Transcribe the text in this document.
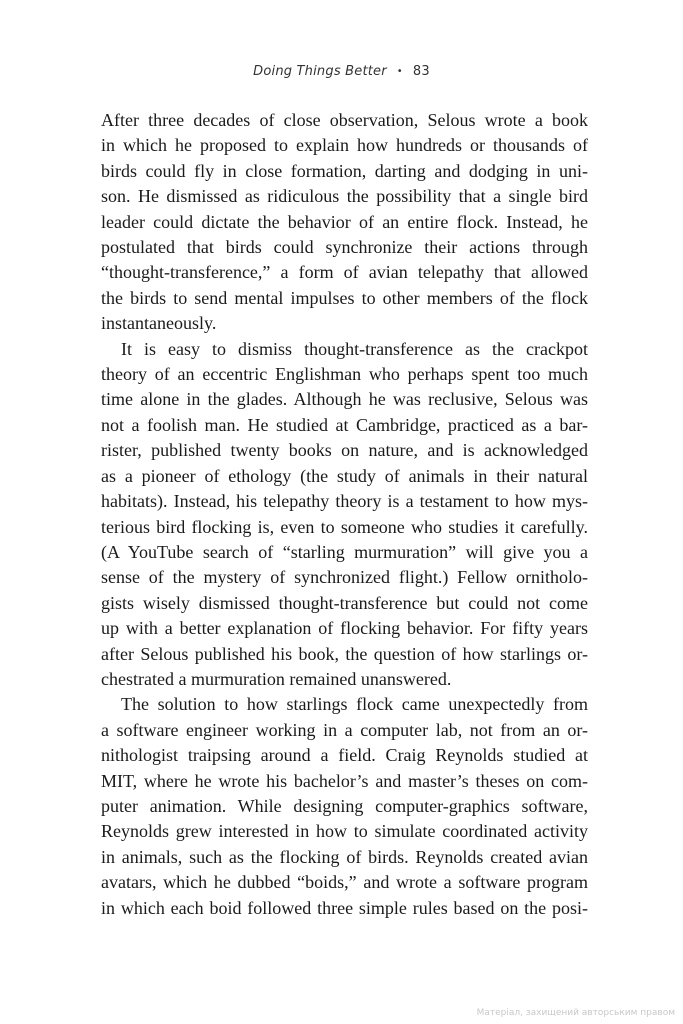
Doing Things Better • 83

After three decades of close observation, Selous wrote a book
in which he proposed to explain how hundreds or thousands of
birds could fly in close formation, darting and dodging in uni-
son. He dismissed as ridiculous the possibility that a single bird
leader could dictate the behavior of an entire flock. Instead, he
postulated that birds could synchronize their actions through
“thought-transference,” a form of avian telepathy that allowed
the birds to send mental impulses to other members of the flock
instantaneously.

It is easy to dismiss thought-transference as the crackpot
theory of an eccentric Englishman who perhaps spent too much
time alone in the glades. Although he was reclusive, Selous was
not a foolish man. He studied at Cambridge, practiced as a bar-
rister, published twenty books on nature, and is acknowledged
as a pioneer of ethology (the study of animals in their natural
habitats). Instead, his telepathy theory is a testament to how mys-
terious bird flocking is, even to someone who studies it carefully.
(A YouTube search of “starling murmuration” will give you a
sense of the mystery of synchronized flight.) Fellow ornitholo-
gists wisely dismissed thought-transference but could not come
up with a better explanation of flocking behavior. For fifty years
after Selous published his book, the question of how starlings or-
chestrated a murmuration remained unanswered.

The solution to how starlings flock came unexpectedly from
a software engineer working in a computer lab, not from an or-
nithologist traipsing around a field. Craig Reynolds studied at
MIT, where he wrote his bachelor’s and master’s theses on com-
puter animation. While designing computer-graphics software,
Reynolds grew interested in how to simulate coordinated activity
in animals, such as the flocking of birds. Reynolds created avian
avatars, which he dubbed “boids,” and wrote a software program
in which each boid followed three simple rules based on the posi-

Матеріал, захищений авторським правом
